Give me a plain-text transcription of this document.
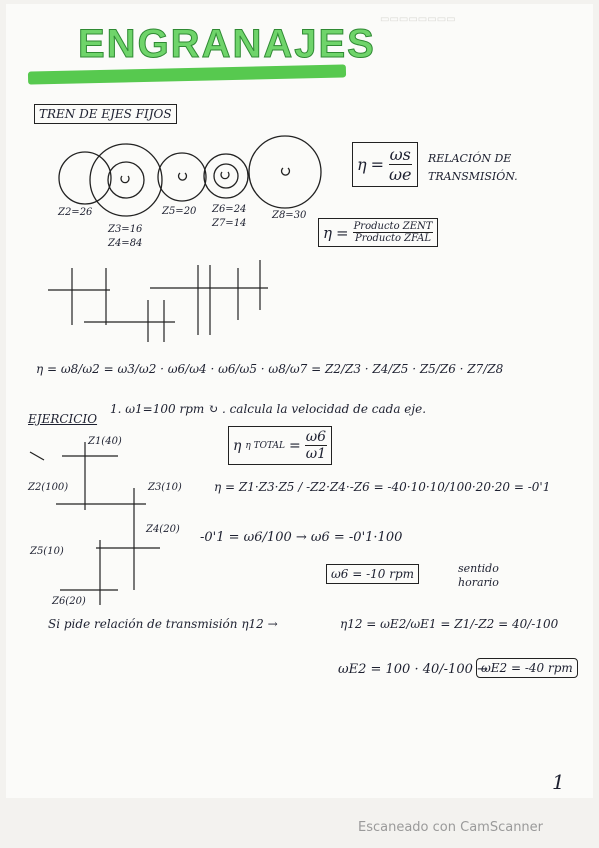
▭▭▭▭▭▭▭▭
ENGRANAJES
TREN DE EJES FIJOS
Z2=26
Z3=16
Z4=84
Z5=20 Z6=24
Z7=14
Z8=30
$\eta = \frac{\omega s}{\omega e}$ RELACIÓN DE TRANSMISIÓN.
$\eta = \frac{\text{Producto ZENT}}{\text{Producto ZFAL}}$
η = ω8/ω2 = ω3/ω2 · ω6/ω4 · ω6/ω5 · ω8/ω7 = Z2/Z3 · Z4/Z5 · Z5/Z6 · Z7/Z8
EJERCICIO
1. ω1=100 rpm ↻ . calcula la velocidad de cada eje.
η η TOTAL = $\frac{\omega 6}{\omega 1}$
Z1(40)
Z2(100)	Z3(10)
Z4(20)
Z5(10)
Z6(20)
η = Z1·Z3·Z5 / -Z2·Z4·-Z6 = -40·10·10/100·20·20 = -0'1
-0'1 = ω6/100 → ω6 = -0'1·100
ω6 = -10 rpm	sentido horario
Si pide relación de transmisión η12 →	η12 = ωE2/ωE1 = Z1/-Z2 = 40/-100
ωE2 = 100 · 40/-100 →
ωE2 = -40 rpm
1
Escaneado con CamScanner
